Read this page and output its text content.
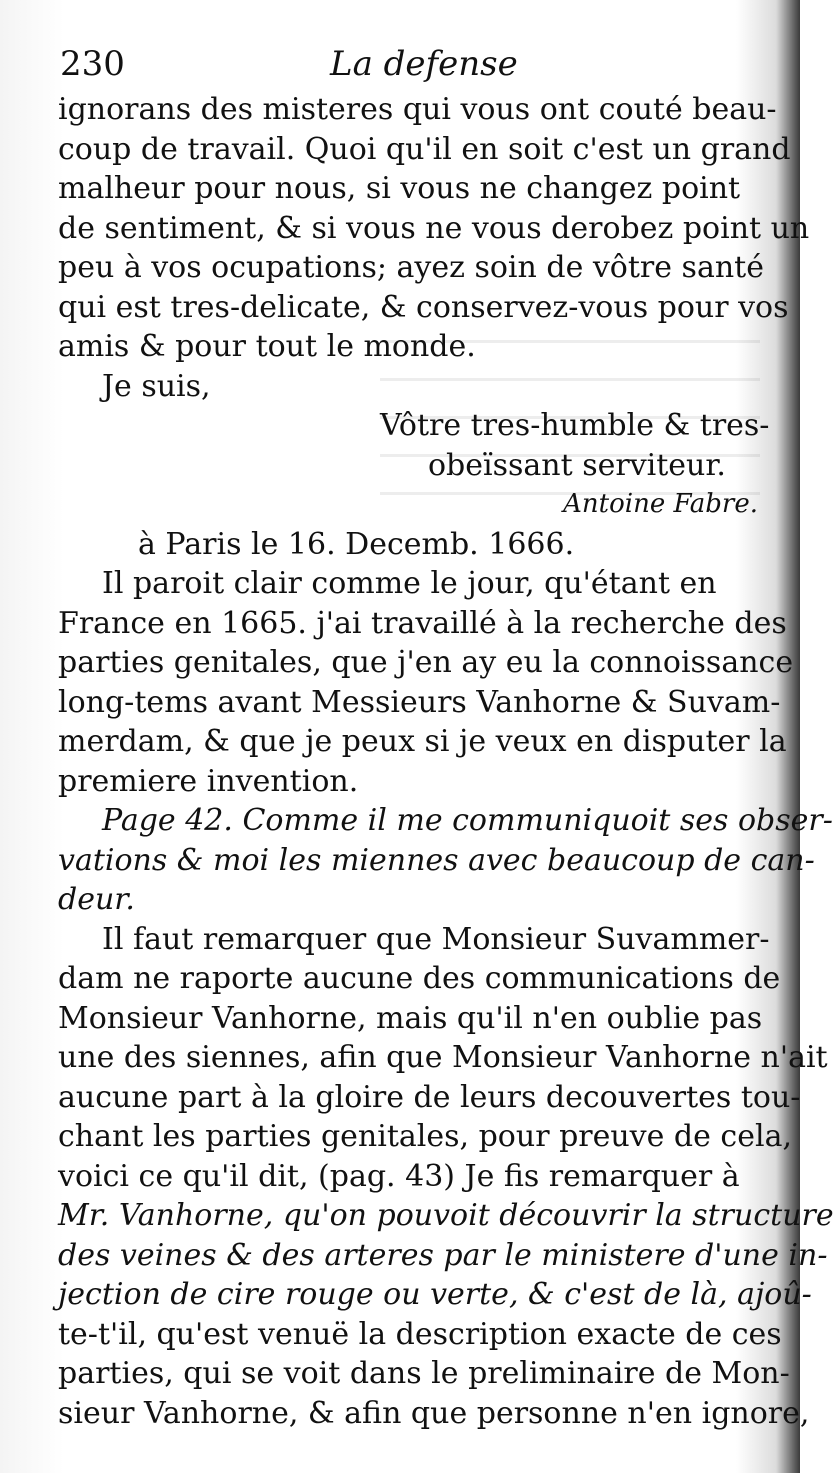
230	La defense
ignorans des misteres qui vous ont couté beau-
coup de travail. Quoi qu'il en soit c'est un grand
malheur pour nous, si vous ne changez point
de sentiment, & si vous ne vous derobez point un
peu à vos ocupations; ayez soin de vôtre santé
qui est tres-delicate, & conservez-vous pour vos
amis & pour tout le monde.
Je suis,
Vôtre tres-humble & tres-
obeïssant serviteur.
Antoine Fabre.
à Paris le 16. Decemb. 1666.
Il paroit clair comme le jour, qu'étant en
France en 1665. j'ai travaillé à la recherche des
parties genitales, que j'en ay eu la connoissance
long-tems avant Messieurs Vanhorne & Suvam-
merdam, & que je peux si je veux en disputer la
premiere invention.
Page 42. Comme il me communiquoit ses obser-
vations & moi les miennes avec beaucoup de can-
deur.
Il faut remarquer que Monsieur Suvammer-
dam ne raporte aucune des communications de
Monsieur Vanhorne, mais qu'il n'en oublie pas
une des siennes, afin que Monsieur Vanhorne n'ait
aucune part à la gloire de leurs decouvertes tou-
chant les parties genitales, pour preuve de cela,
voici ce qu'il dit, (pag. 43) Je fis remarquer à
Mr. Vanhorne, qu'on pouvoit découvrir la structure
des veines & des arteres par le ministere d'une in-
jection de cire rouge ou verte, & c'est de là, ajoû-
te-t'il, qu'est venuë la description exacte de ces
parties, qui se voit dans le preliminaire de Mon-
sieur Vanhorne, & afin que personne n'en ignore,
